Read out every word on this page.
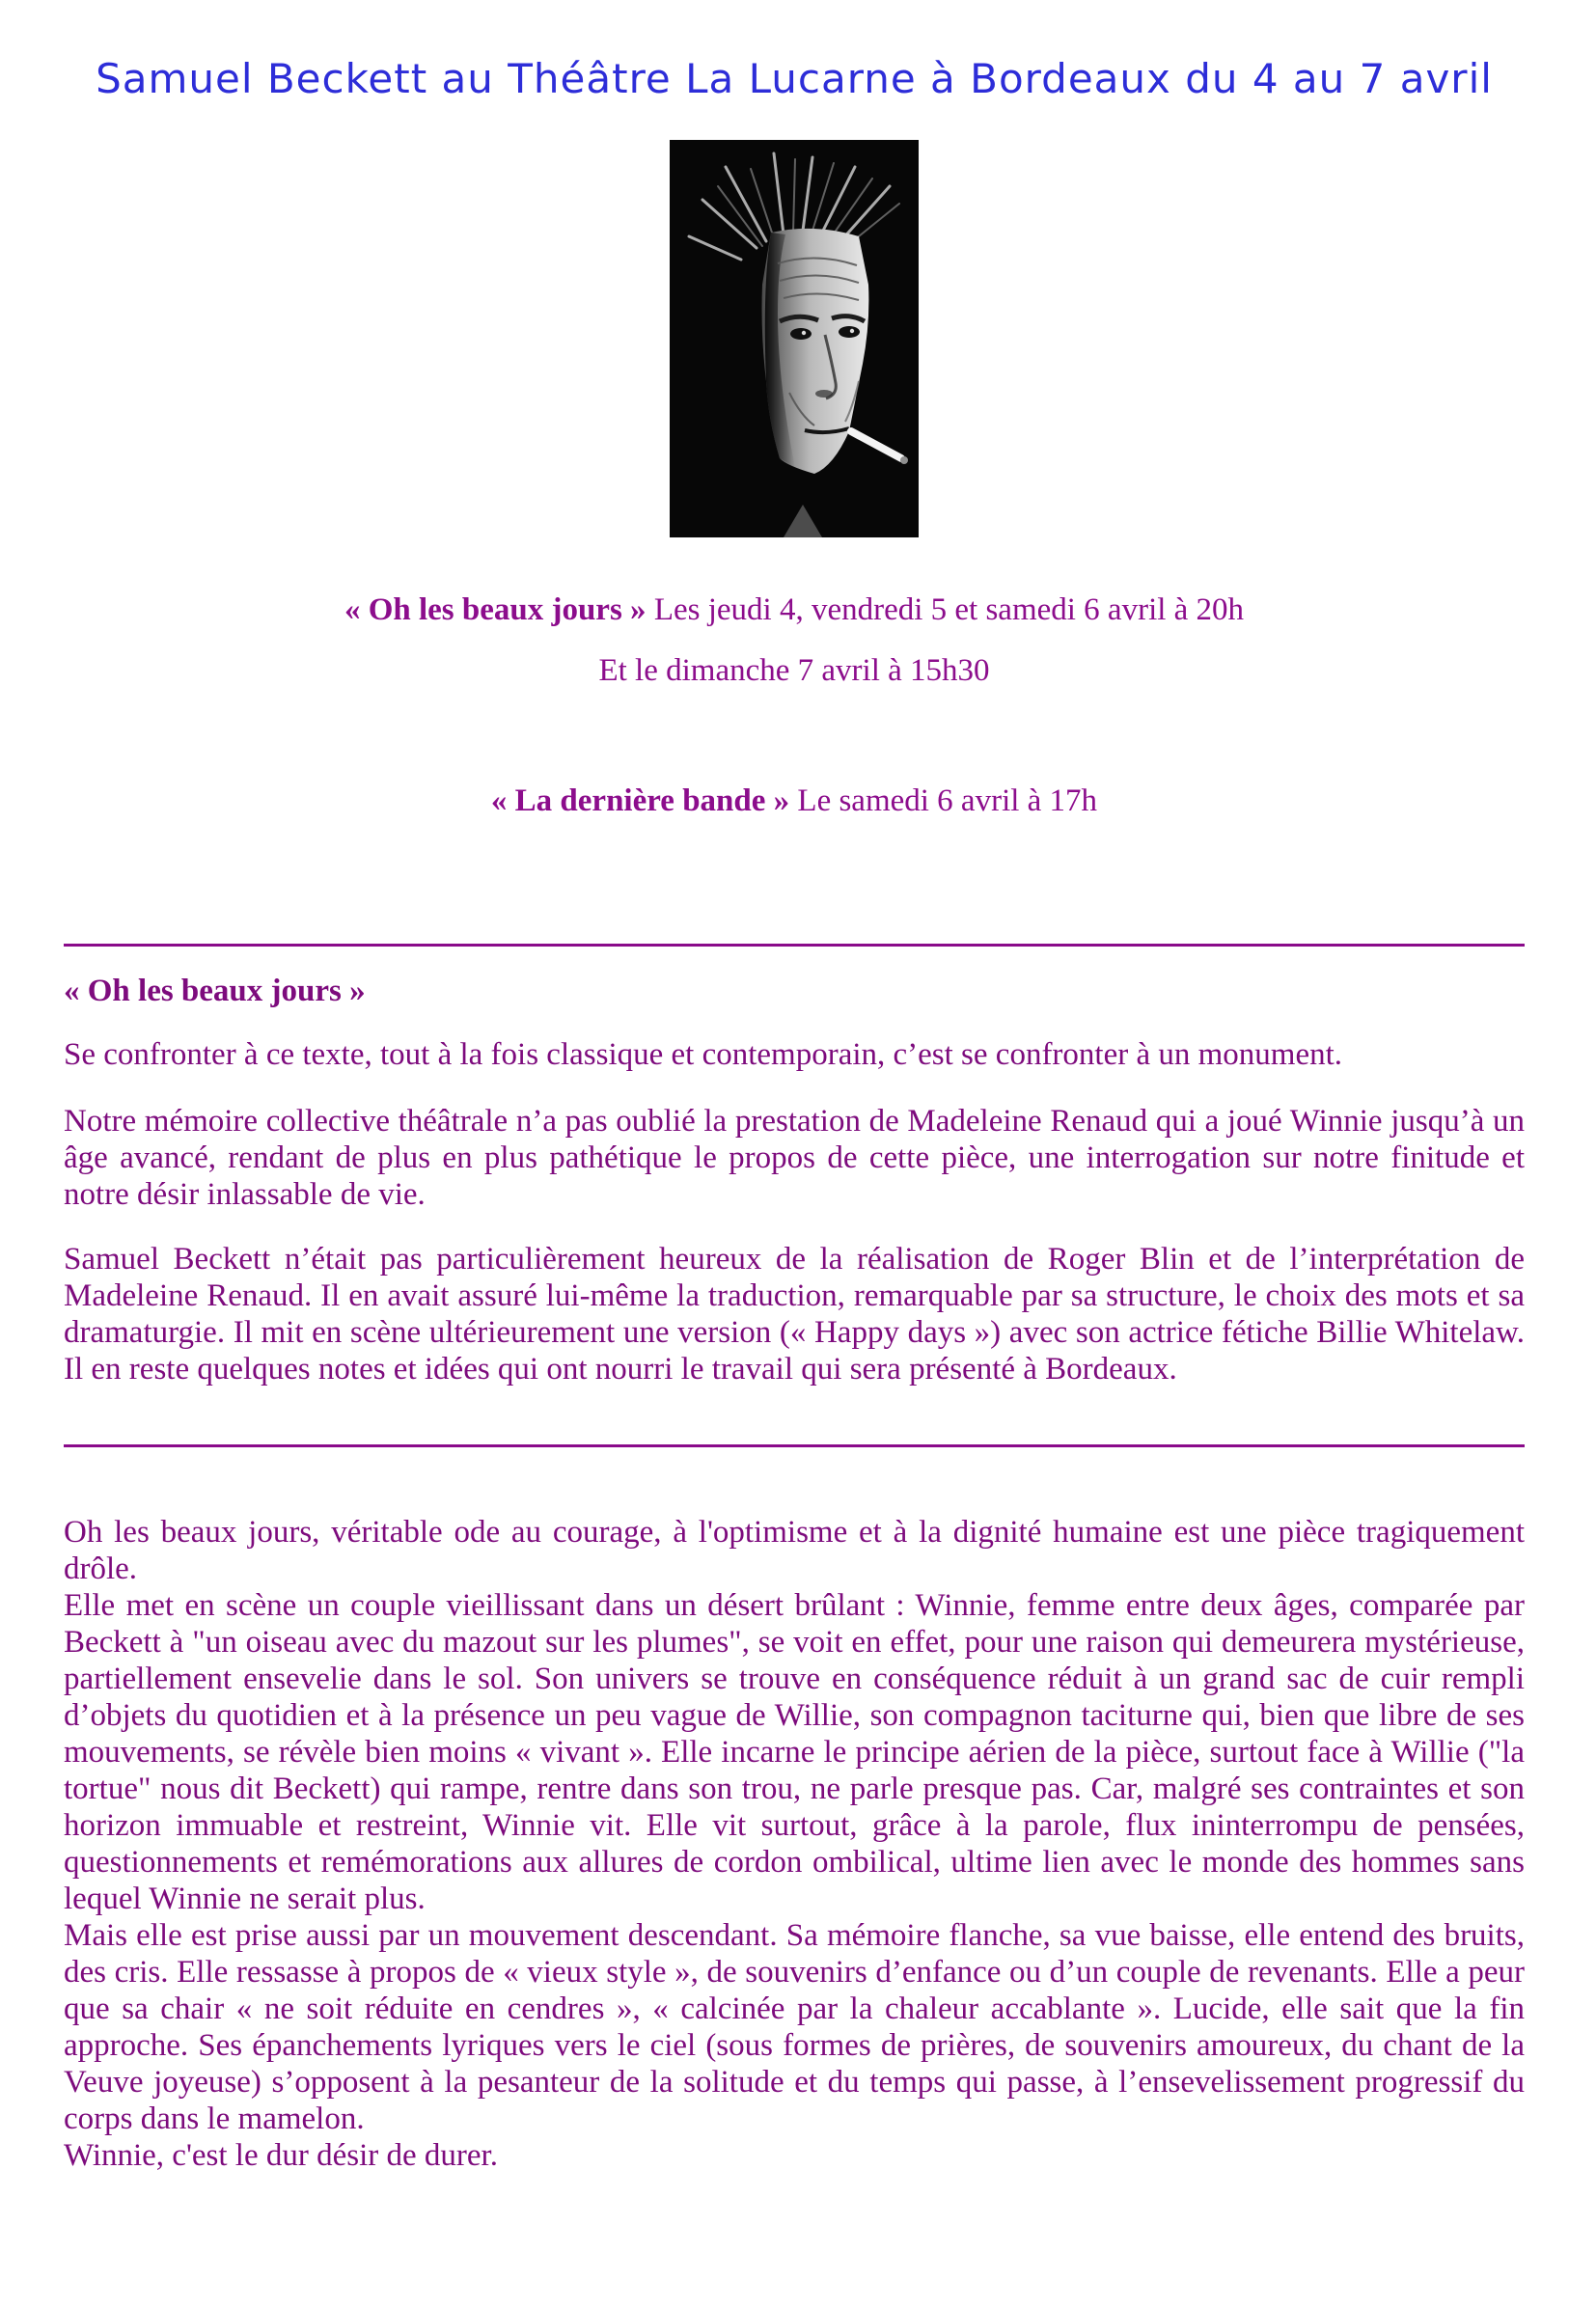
Samuel Beckett au Théâtre La Lucarne à Bordeaux du 4 au 7 avril

« Oh les beaux jours » Les jeudi 4, vendredi 5 et samedi 6 avril à 20h

Et le dimanche 7 avril à 15h30

« La dernière bande » Le samedi 6 avril à 17h

« Oh les beaux jours »

Se confronter à ce texte, tout à la fois classique et contemporain, c’est se confronter à un monument.

Notre mémoire collective théâtrale n’a pas oublié la prestation de Madeleine Renaud qui a joué Winnie jusqu’à un âge avancé, rendant de plus en plus pathétique le propos de cette pièce, une interrogation sur notre finitude et notre désir inlassable de vie.

Samuel Beckett n’était pas particulièrement heureux de la réalisation de Roger Blin et de l’interprétation de Madeleine Renaud. Il en avait assuré lui-même la traduction, remarquable par sa structure, le choix des mots et sa dramaturgie. Il mit en scène ultérieurement une version (« Happy days ») avec son actrice fétiche Billie Whitelaw. Il en reste quelques notes et idées qui ont nourri le travail qui sera présenté à Bordeaux.

Oh les beaux jours, véritable ode au courage, à l'optimisme et à la dignité humaine est une pièce tragiquement drôle.

Elle met en scène un couple vieillissant dans un désert brûlant : Winnie, femme entre deux âges, comparée par Beckett à "un oiseau avec du mazout sur les plumes", se voit en effet, pour une raison qui demeurera mystérieuse, partiellement ensevelie dans le sol. Son univers se trouve en conséquence réduit à un grand sac de cuir rempli d’objets du quotidien et à la présence un peu vague de Willie, son compagnon taciturne qui, bien que libre de ses mouvements, se révèle bien moins « vivant ». Elle incarne le principe aérien de la pièce, surtout face à Willie ("la tortue" nous dit Beckett) qui rampe, rentre dans son trou, ne parle presque pas. Car, malgré ses contraintes et son horizon immuable et restreint, Winnie vit. Elle vit surtout, grâce à la parole, flux ininterrompu de pensées, questionnements et remémorations aux allures de cordon ombilical, ultime lien avec le monde des hommes sans lequel Winnie ne serait plus.

Mais elle est prise aussi par un mouvement descendant. Sa mémoire flanche, sa vue baisse, elle entend des bruits, des cris. Elle ressasse à propos de « vieux style », de souvenirs d’enfance ou d’un couple de revenants. Elle a peur que sa chair « ne soit réduite en cendres », « calcinée par la chaleur accablante ». Lucide, elle sait que la fin approche. Ses épanchements lyriques vers le ciel (sous formes de prières, de souvenirs amoureux, du chant de la Veuve joyeuse) s’opposent à la pesanteur de la solitude et du temps qui passe, à l’ensevelissement progressif du corps dans le mamelon.

Winnie, c'est le dur désir de durer.
